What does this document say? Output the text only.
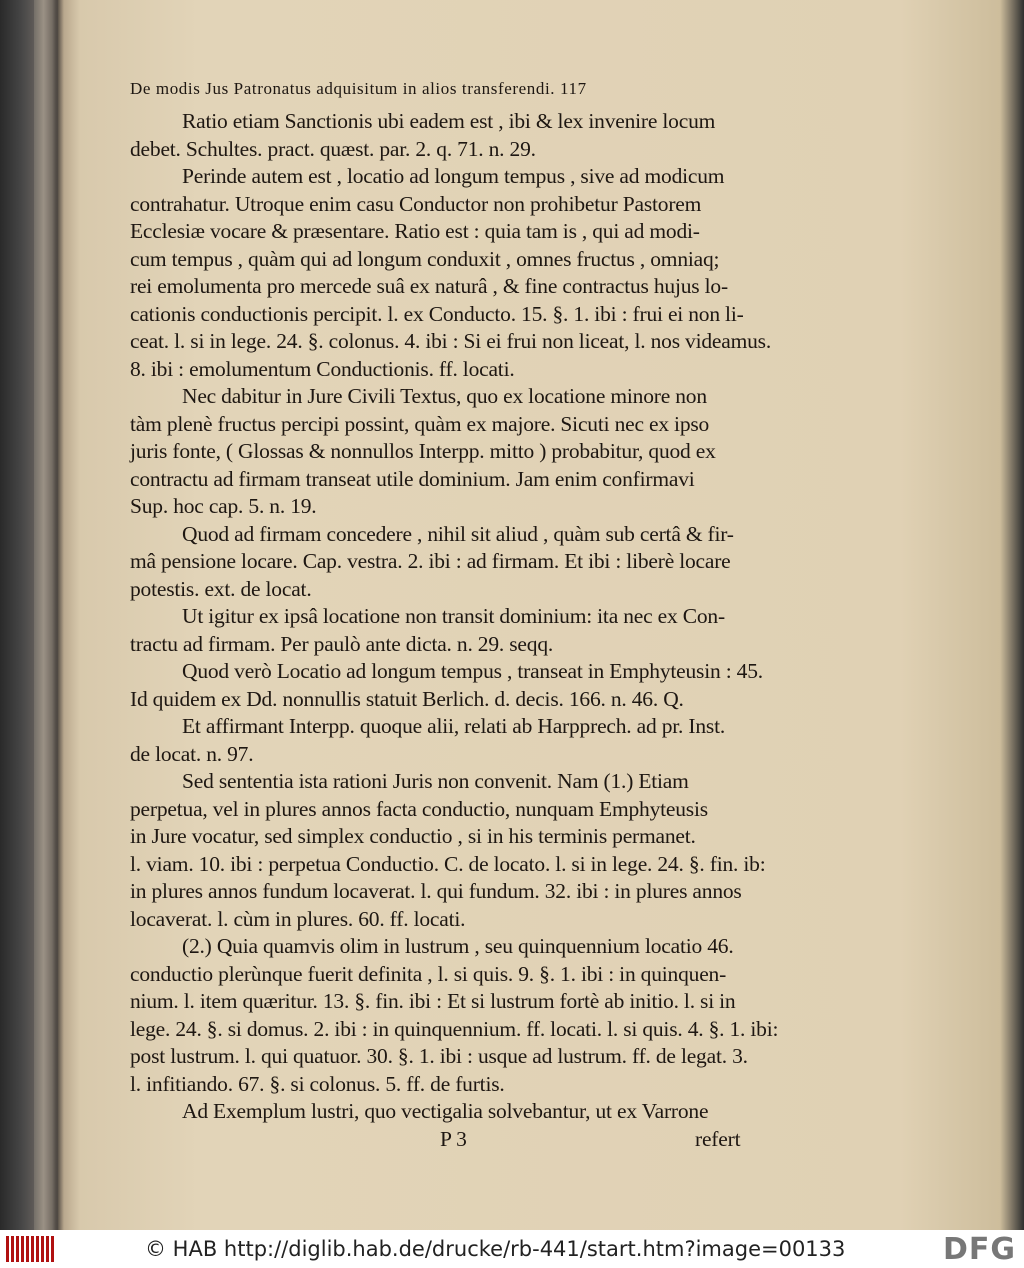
De modis Jus Patronatus adquisitum in alios transferendi. 117
Ratio etiam Sanctionis ubi eadem est , ibi & lex invenire locum
debet. Schultes. pract. quæst. par. 2. q. 71. n. 29.
Perinde autem est , locatio ad longum tempus , sive ad modicum
contrahatur. Utroque enim casu Conductor non prohibetur Pastorem
Ecclesiæ vocare & præsentare. Ratio est : quia tam is , qui ad modi-
cum tempus , quàm qui ad longum conduxit , omnes fructus , omniaq;
rei emolumenta pro mercede suâ ex naturâ , & fine contractus hujus lo-
cationis conductionis percipit. l. ex Conducto. 15. §. 1. ibi : frui ei non li-
ceat. l. si in lege. 24. §. colonus. 4. ibi : Si ei frui non liceat, l. nos videamus.
8. ibi : emolumentum Conductionis. ff. locati.
Nec dabitur in Jure Civili Textus, quo ex locatione minore non
tàm plenè fructus percipi possint, quàm ex majore. Sicuti nec ex ipso
juris fonte, ( Glossas & nonnullos Interpp. mitto ) probabitur, quod ex
contractu ad firmam transeat utile dominium. Jam enim confirmavi
Sup. hoc cap. 5. n. 19.
Quod ad firmam concedere , nihil sit aliud , quàm sub certâ & fir-
mâ pensione locare. Cap. vestra. 2. ibi : ad firmam. Et ibi : liberè locare
potestis. ext. de locat.
Ut igitur ex ipsâ locatione non transit dominium: ita nec ex Con-
tractu ad firmam. Per paulò ante dicta. n. 29. seqq.
Quod verò Locatio ad longum tempus , transeat in Emphyteusin : 45.
Id quidem ex Dd. nonnullis statuit Berlich. d. decis. 166. n. 46. Q.
Et affirmant Interpp. quoque alii, relati ab Harpprech. ad pr. Inst.
de locat. n. 97.
Sed sententia ista rationi Juris non convenit. Nam (1.) Etiam
perpetua, vel in plures annos facta conductio, nunquam Emphyteusis
in Jure vocatur, sed simplex conductio , si in his terminis permanet.
l. viam. 10. ibi : perpetua Conductio. C. de locato. l. si in lege. 24. §. fin. ib:
in plures annos fundum locaverat. l. qui fundum. 32. ibi : in plures annos
locaverat. l. cùm in plures. 60. ff. locati.
(2.) Quia quamvis olim in lustrum , seu quinquennium locatio 46.
conductio plerùnque fuerit definita , l. si quis. 9. §. 1. ibi : in quinquen-
nium. l. item quæritur. 13. §. fin. ibi : Et si lustrum fortè ab initio. l. si in
lege. 24. §. si domus. 2. ibi : in quinquennium. ff. locati. l. si quis. 4. §. 1. ibi:
post lustrum. l. qui quatuor. 30. §. 1. ibi : usque ad lustrum. ff. de legat. 3.
l. infitiando. 67. §. si colonus. 5. ff. de furtis.
Ad Exemplum lustri, quo vectigalia solvebantur, ut ex Varrone
P 3	refert
© HAB http://diglib.hab.de/drucke/rb-441/start.htm?image=00133	DFG
